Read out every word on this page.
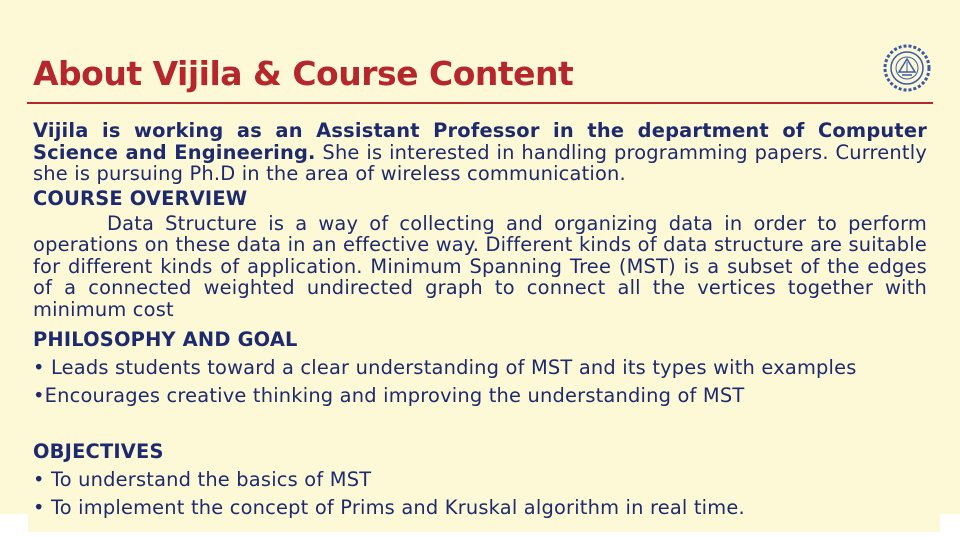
About Vijila & Course Content
Vijila is working as an Assistant Professor in the department of Computer Science and Engineering. She is interested in handling programming papers. Currently she is pursuing Ph.D in the area of wireless communication.
COURSE OVERVIEW
Data Structure is a way of collecting and organizing data in order to perform operations on these data in an effective way. Different kinds of data structure are suitable for different kinds of application. Minimum Spanning Tree (MST) is a subset of the edges of a connected weighted undirected graph to connect all the vertices together with minimum cost
PHILOSOPHY AND GOAL
• Leads students toward a clear understanding of MST and its types with examples
•Encourages creative thinking and improving the understanding of MST
OBJECTIVES
• To understand the basics of MST
• To implement the concept of Prims and Kruskal algorithm in real time.
